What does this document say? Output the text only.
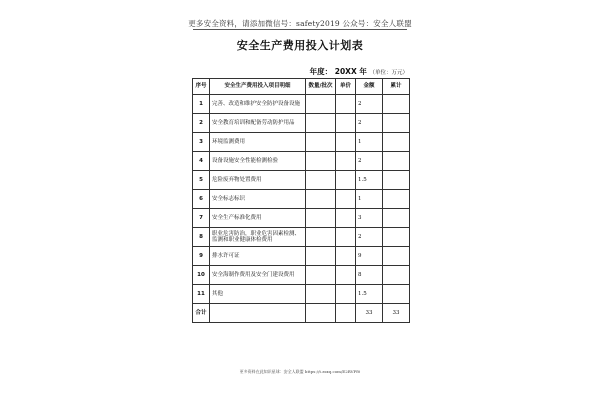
更多安全资料，请添加微信号：safety2019 公众号：安全人联盟
安全生产费用投入计划表
年度： 20XX 年 （单位：万元）
序号	安全生产费用投入项目明细	数量/批次	单价	金额	累计
1	完善、改造和维护安全防护设备设施			2	
2	安全教育培训和配备劳动防护用品			2	
3	环境监测费用			1	
4	设备设施安全性能检测检验			2	
5	危险废弃物处置费用			1.5	
6	安全标志标识			1	
7	安全生产标准化费用			3	
8	职业危害防治，职业危害因素检测、监测和职业健康体检费用			2	
9	排水许可证			9	
10	安全海制作费用及安全门建设费用			8	
11	其他			1.5	
合计				33	33
更多资料在此知识星球：安全人联盟 https://t.zsxq.com/E2RVFf0
